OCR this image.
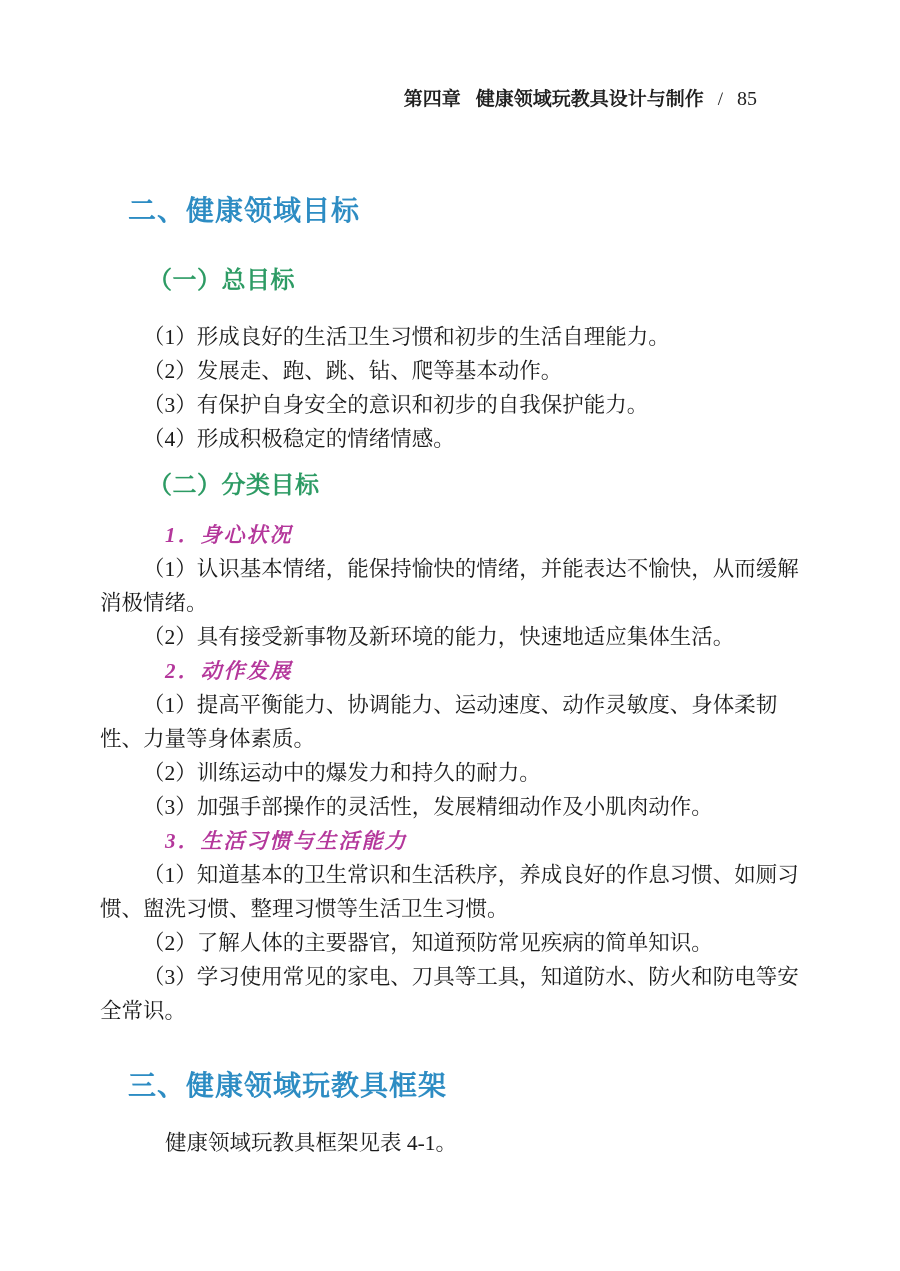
第四章 健康领域玩教具设计与制作 / 85
二、健康领域目标
（一）总目标

（1）形成良好的生活卫生习惯和初步的生活自理能力。

（2）发展走、跑、跳、钻、爬等基本动作。

（3）有保护自身安全的意识和初步的自我保护能力。

（4）形成积极稳定的情绪情感。

（二）分类目标
1．身心状况

（1）认识基本情绪，能保持愉快的情绪，并能表达不愉快，从而缓解消极情绪。

（2）具有接受新事物及新环境的能力，快速地适应集体生活。

2．动作发展

（1）提高平衡能力、协调能力、运动速度、动作灵敏度、身体柔韧性、力量等身体素质。

（2）训练运动中的爆发力和持久的耐力。

（3）加强手部操作的灵活性，发展精细动作及小肌肉动作。

3．生活习惯与生活能力

（1）知道基本的卫生常识和生活秩序，养成良好的作息习惯、如厕习惯、盥洗习惯、整理习惯等生活卫生习惯。

（2）了解人体的主要器官，知道预防常见疾病的简单知识。

（3）学习使用常见的家电、刀具等工具，知道防水、防火和防电等安全常识。

三、健康领域玩教具框架

健康领域玩教具框架见表 4-1。
